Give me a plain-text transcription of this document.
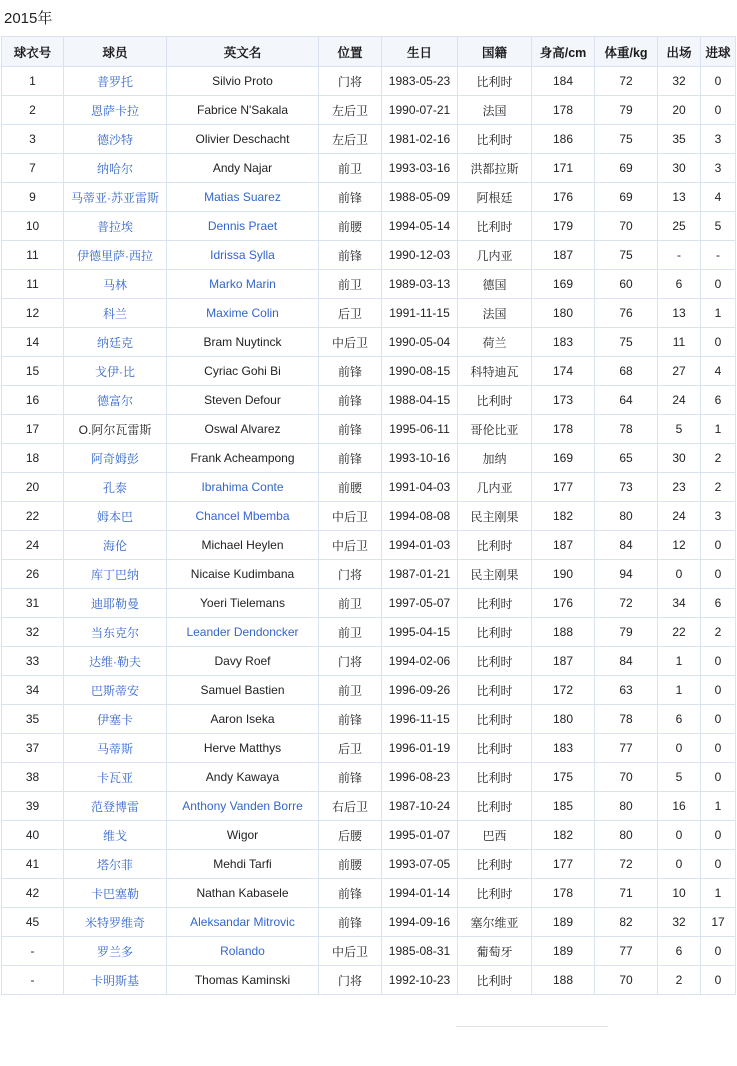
2015年
球衣号	球员	英文名	位置	生日	国籍	身高/cm	体重/kg	出场	进球
1	普罗托	Silvio Proto	门将	1983-05-23	比利时	184	72	32	0
2	恩萨卡拉	Fabrice N'Sakala	左后卫	1990-07-21	法国	178	79	20	0
3	德沙特	Olivier Deschacht	左后卫	1981-02-16	比利时	186	75	35	3
7	纳哈尔	Andy Najar	前卫	1993-03-16	洪都拉斯	171	69	30	3
9	马蒂亚·苏亚雷斯	Matias Suarez	前锋	1988-05-09	阿根廷	176	69	13	4
10	普拉埃	Dennis Praet	前腰	1994-05-14	比利时	179	70	25	5
11	伊德里萨·西拉	Idrissa Sylla	前锋	1990-12-03	几内亚	187	75	-	-
11	马林	Marko Marin	前卫	1989-03-13	德国	169	60	6	0
12	科兰	Maxime Colin	后卫	1991-11-15	法国	180	76	13	1
14	纳廷克	Bram Nuytinck	中后卫	1990-05-04	荷兰	183	75	11	0
15	戈伊·比	Cyriac Gohi Bi	前锋	1990-08-15	科特迪瓦	174	68	27	4
16	德富尔	Steven Defour	前锋	1988-04-15	比利时	173	64	24	6
17	O.阿尔瓦雷斯	Oswal Alvarez	前锋	1995-06-11	哥伦比亚	178	78	5	1
18	阿奇姆彭	Frank Acheampong	前锋	1993-10-16	加纳	169	65	30	2
20	孔泰	Ibrahima Conte	前腰	1991-04-03	几内亚	177	73	23	2
22	姆本巴	Chancel Mbemba	中后卫	1994-08-08	民主刚果	182	80	24	3
24	海伦	Michael Heylen	中后卫	1994-01-03	比利时	187	84	12	0
26	库丁巴纳	Nicaise Kudimbana	门将	1987-01-21	民主刚果	190	94	0	0
31	迪耶勒曼	Yoeri Tielemans	前卫	1997-05-07	比利时	176	72	34	6
32	当东克尔	Leander Dendoncker	前卫	1995-04-15	比利时	188	79	22	2
33	达维·勒夫	Davy Roef	门将	1994-02-06	比利时	187	84	1	0
34	巴斯蒂安	Samuel Bastien	前卫	1996-09-26	比利时	172	63	1	0
35	伊塞卡	Aaron Iseka	前锋	1996-11-15	比利时	180	78	6	0
37	马蒂斯	Herve Matthys	后卫	1996-01-19	比利时	183	77	0	0
38	卡瓦亚	Andy Kawaya	前锋	1996-08-23	比利时	175	70	5	0
39	范登博雷	Anthony Vanden Borre	右后卫	1987-10-24	比利时	185	80	16	1
40	维戈	Wigor	后腰	1995-01-07	巴西	182	80	0	0
41	塔尔菲	Mehdi Tarfi	前腰	1993-07-05	比利时	177	72	0	0
42	卡巴塞勒	Nathan Kabasele	前锋	1994-01-14	比利时	178	71	10	1
45	米特罗维奇	Aleksandar Mitrovic	前锋	1994-09-16	塞尔维亚	189	82	32	17
-	罗兰多	Rolando	中后卫	1985-08-31	葡萄牙	189	77	6	0
-	卡明斯基	Thomas Kaminski	门将	1992-10-23	比利时	188	70	2	0
